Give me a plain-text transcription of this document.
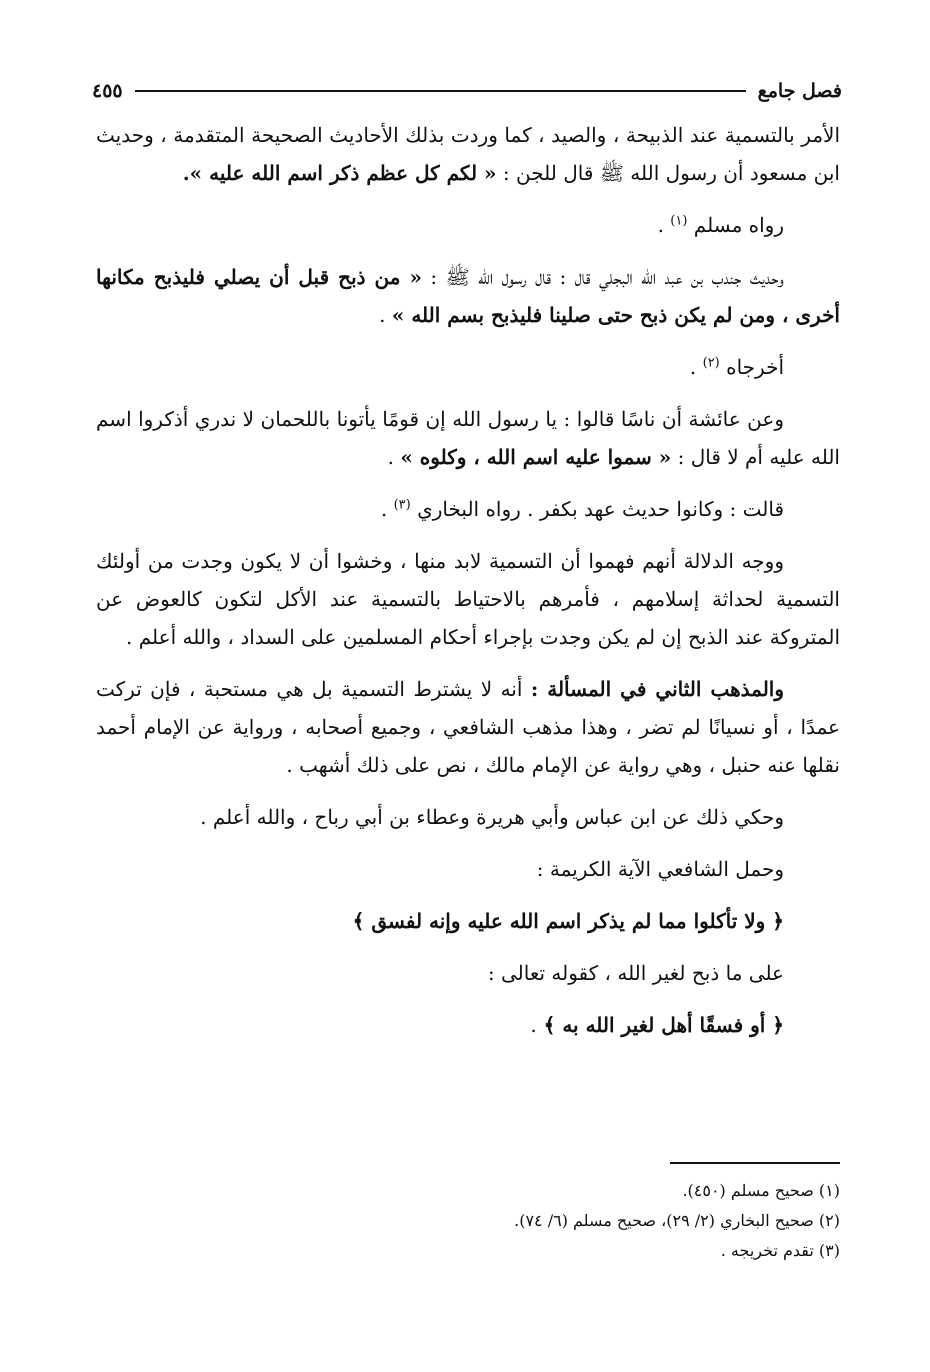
فصل جامع
٤٥٥

الأمر بالتسمية عند الذبيحة ، والصيد ، كما وردت بذلك الأحاديث الصحيحة المتقدمة ، وحديث ابن مسعود أن رسول الله ﷺ قال للجن : « لكم كل عظم ذكر اسم الله عليه ».

رواه مسلم $^{(١)}$ .

وحديث جندب بن عبد الله البجلي قال : قال رسول الله ﷺ : « من ذبح قبل أن يصلي فليذبح مكانها أخرى ، ومن لم يكن ذبح حتى صلينا فليذبح بسم الله » .

أخرجاه $^{(٢)}$ .

وعن عائشة أن ناسًا قالوا : يا رسول الله إن قومًا يأتونا باللحمان لا ندري أذكروا اسم الله عليه أم لا قال : « سموا عليه اسم الله ، وكلوه » .

قالت : وكانوا حديث عهد بكفر . رواه البخاري $^{(٣)}$ .

ووجه الدلالة أنهم فهموا أن التسمية لابد منها ، وخشوا أن لا يكون وجدت من أولئك التسمية لحداثة إسلامهم ، فأمرهم بالاحتياط بالتسمية عند الأكل لتكون كالعوض عن المتروكة عند الذبح إن لم يكن وجدت بإجراء أحكام المسلمين على السداد ، والله أعلم .

والمذهب الثاني في المسألة : أنه لا يشترط التسمية بل هي مستحبة ، فإن تركت عمدًا ، أو نسيانًا لم تضر ، وهذا مذهب الشافعي ، وجميع أصحابه ، ورواية عن الإمام أحمد نقلها عنه حنبل ، وهي رواية عن الإمام مالك ، نص على ذلك أشهب .

وحكي ذلك عن ابن عباس وأبي هريرة وعطاء بن أبي رباح ، والله أعلم .

وحمل الشافعي الآية الكريمة :

﴿ ولا تأكلوا مما لم يذكر اسم الله عليه وإنه لفسق ﴾

على ما ذبح لغير الله ، كقوله تعالى :

﴿ أو فسقًا أهل لغير الله به ﴾ .

(١) صحيح مسلم (٤٥٠).

(٢) صحيح البخاري (٢/ ٢٩)، صحيح مسلم (٦/ ٧٤).

(٣) تقدم تخريجه .
